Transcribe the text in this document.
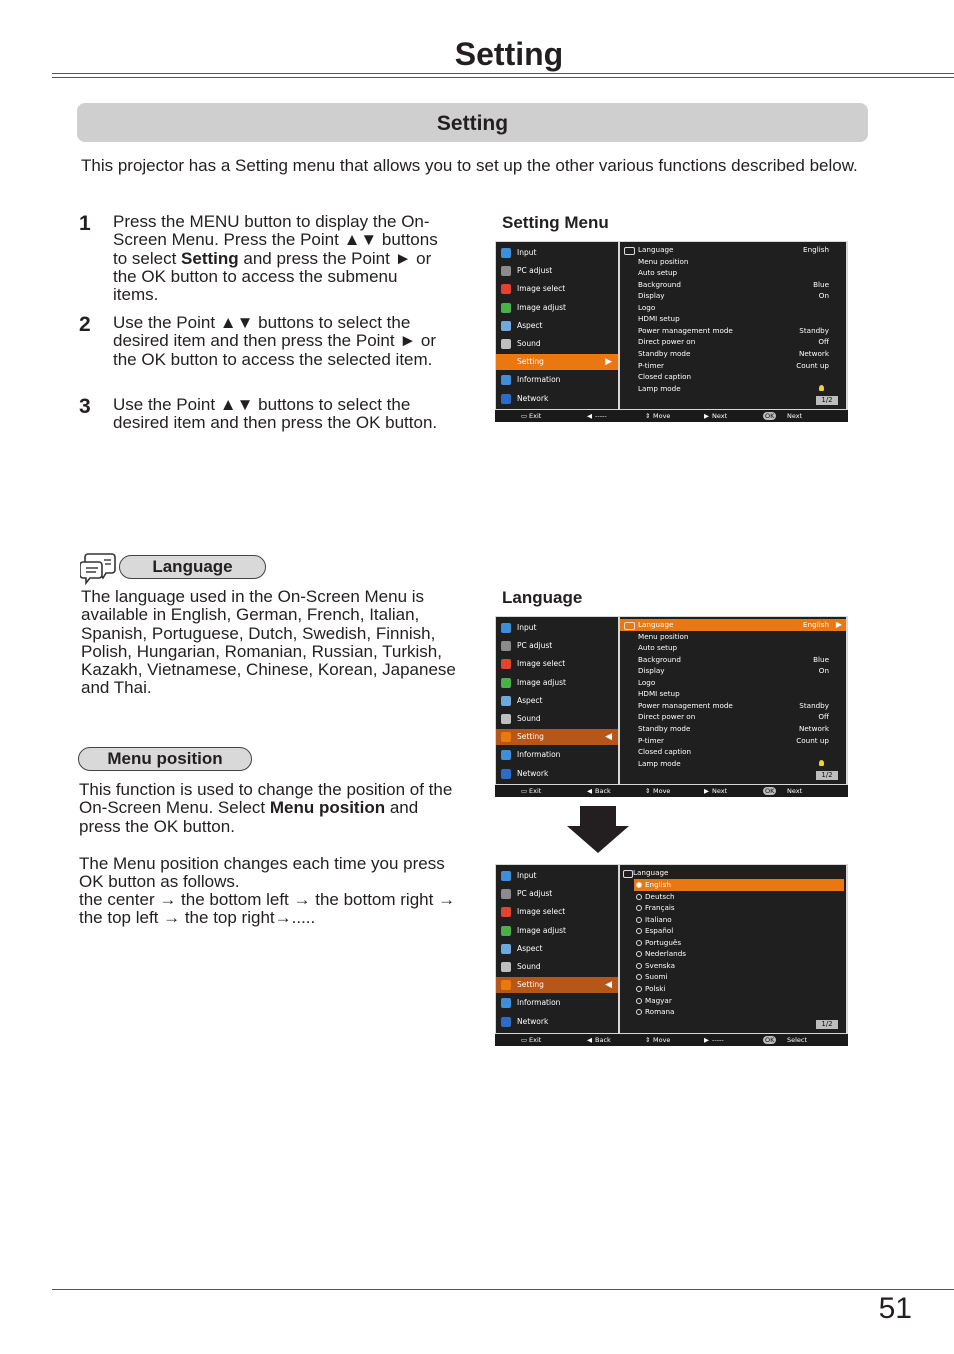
Setting
Setting
This projector has a Setting menu that allows you to set up the other various functions described below.
1 Press the MENU button to display the On-Screen Menu. Press the Point ▲▼ buttons to select Setting and press the Point ► or the OK button to access the submenu items.
2 Use the Point ▲▼ buttons to select the desired item and then press the Point ► or the OK button to access the selected item.
3 Use the Point ▲▼ buttons to select the desired item and then press the OK button.
Setting Menu
Language
Language
The language used in the On-Screen Menu is available in English, German, French, Italian, Spanish, Portuguese, Dutch, Swedish, Finnish, Polish, Hungarian, Romanian, Russian, Turkish, Kazakh, Vietnamese, Chinese, Korean, Japanese and Thai.
Menu position
This function is used to change the position of the On-Screen Menu. Select Menu position and press the OK button.
The Menu position changes each time you press OK button as follows.
the center → the bottom left → the bottom right → the top left → the top right→.....
Input
PC adjust
Image select
Image adjust
Aspect
Sound
Setting	▶
Information
Network
Language	English
Menu position
Auto setup
Background	Blue
Display	On
Logo
HDMI setup
Power management mode	Standby
Direct power on	Off
Standby mode	Network
P-timer	Count up
Closed caption
Lamp mode
1/2
Exit
▭	-----
◀	Move
⇕	Next
▶	OK	Next
Input
PC adjust
Image select
Image adjust
Aspect
Sound
Setting	◀
Information
Network
Language	English ▶
Menu position
Auto setup
Background	Blue
Display	On
Logo
HDMI setup
Power management mode	Standby
Direct power on	Off
Standby mode	Network
P-timer	Count up
Closed caption
Lamp mode
1/2
Exit
▭	Back
◀	Move
⇕	Next
▶	OK	Next
Input
PC adjust
Image select
Image adjust
Aspect
Sound
Setting	◀
Information
Network
Language
English
Deutsch
Français
Italiano
Español
Português
Nederlands
Svenska
Suomi
Polski
Magyar
Romana
1/2
Exit
▭	Back
◀	Move
⇕	-----
▶	OK	Select
51
